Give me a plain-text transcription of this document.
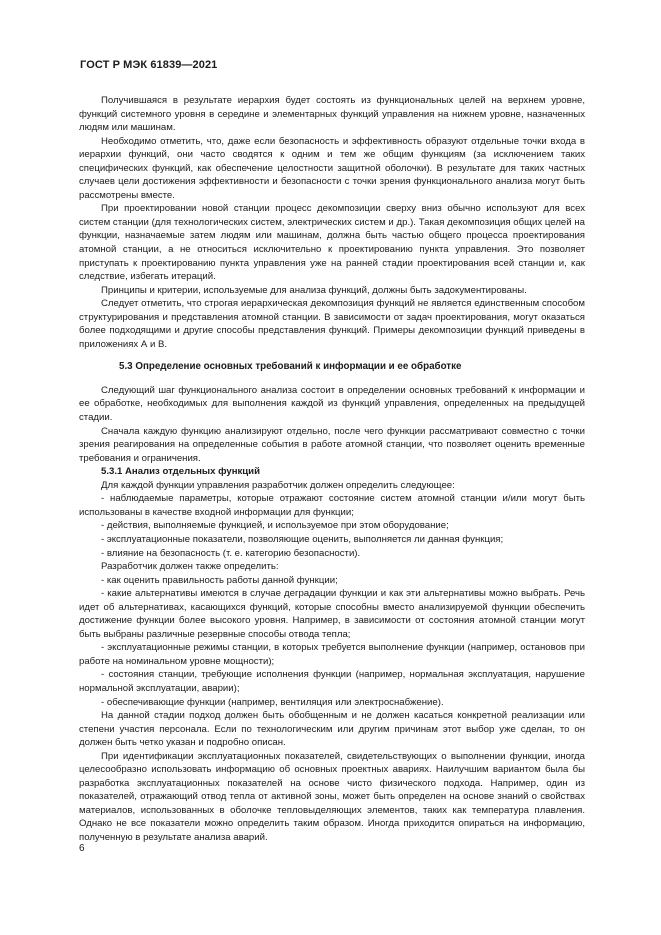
ГОСТ Р МЭК 61839—2021

Получившаяся в результате иерархия будет состоять из функциональных целей на верхнем уровне, функций системного уровня в середине и элементарных функций управления на нижнем уровне, назначенных людям или машинам.

Необходимо отметить, что, даже если безопасность и эффективность образуют отдельные точки входа в иерархии функций, они часто сводятся к одним и тем же общим функциям (за исключением таких специфических функций, как обеспечение целостности защитной оболочки). В результате для таких частных случаев цели достижения эффективности и безопасности с точки зрения функционального анализа могут быть рассмотрены вместе.

При проектировании новой станции процесс декомпозиции сверху вниз обычно используют для всех систем станции (для технологических систем, электрических систем и др.). Такая декомпозиция общих целей на функции, назначаемые затем людям или машинам, должна быть частью общего процесса проектирования атомной станции, а не относиться исключительно к проектированию пункта управления. Это позволяет приступать к проектированию пункта управления уже на ранней стадии проектирования всей станции и, как следствие, избегать итераций.

Принципы и критерии, используемые для анализа функций, должны быть задокументированы.

Следует отметить, что строгая иерархическая декомпозиция функций не является единственным способом структурирования и представления атомной станции. В зависимости от задач проектирования, могут оказаться более подходящими и другие способы представления функций. Примеры декомпозиции функций приведены в приложениях А и В.

5.3 Определение основных требований к информации и ее обработке

Следующий шаг функционального анализа состоит в определении основных требований к информации и ее обработке, необходимых для выполнения каждой из функций управления, определенных на предыдущей стадии.

Сначала каждую функцию анализируют отдельно, после чего функции рассматривают совместно с точки зрения реагирования на определенные события в работе атомной станции, что позволяет оценить временные требования и ограничения.

5.3.1 Анализ отдельных функций

Для каждой функции управления разработчик должен определить следующее:

- наблюдаемые параметры, которые отражают состояние систем атомной станции и/или могут быть использованы в качестве входной информации для функции;

- действия, выполняемые функцией, и используемое при этом оборудование;

- эксплуатационные показатели, позволяющие оценить, выполняется ли данная функция;

- влияние на безопасность (т. е. категорию безопасности).

Разработчик должен также определить:

- как оценить правильность работы данной функции;

- какие альтернативы имеются в случае деградации функции и как эти альтернативы можно выбрать. Речь идет об альтернативах, касающихся функций, которые способны вместо анализируемой функции обеспечить достижение функции более высокого уровня. Например, в зависимости от состояния атомной станции могут быть выбраны различные резервные способы отвода тепла;

- эксплуатационные режимы станции, в которых требуется выполнение функции (например, остановов при работе на номинальном уровне мощности);

- состояния станции, требующие исполнения функции (например, нормальная эксплуатация, нарушение нормальной эксплуатации, аварии);

- обеспечивающие функции (например, вентиляция или электроснабжение).

На данной стадии подход должен быть обобщенным и не должен касаться конкретной реализации или степени участия персонала. Если по технологическим или другим причинам этот выбор уже сделан, то он должен быть четко указан и подробно описан.

При идентификации эксплуатационных показателей, свидетельствующих о выполнении функции, иногда целесообразно использовать информацию об основных проектных авариях. Наилучшим вариантом была бы разработка эксплуатационных показателей на основе чисто физического подхода. Например, один из показателей, отражающий отвод тепла от активной зоны, может быть определен на основе знаний о свойствах материалов, использованных в оболочке тепловыделяющих элементов, таких как температура плавления. Однако не все показатели можно определить таким образом. Иногда приходится опираться на информацию, полученную в результате анализа аварий.

6
